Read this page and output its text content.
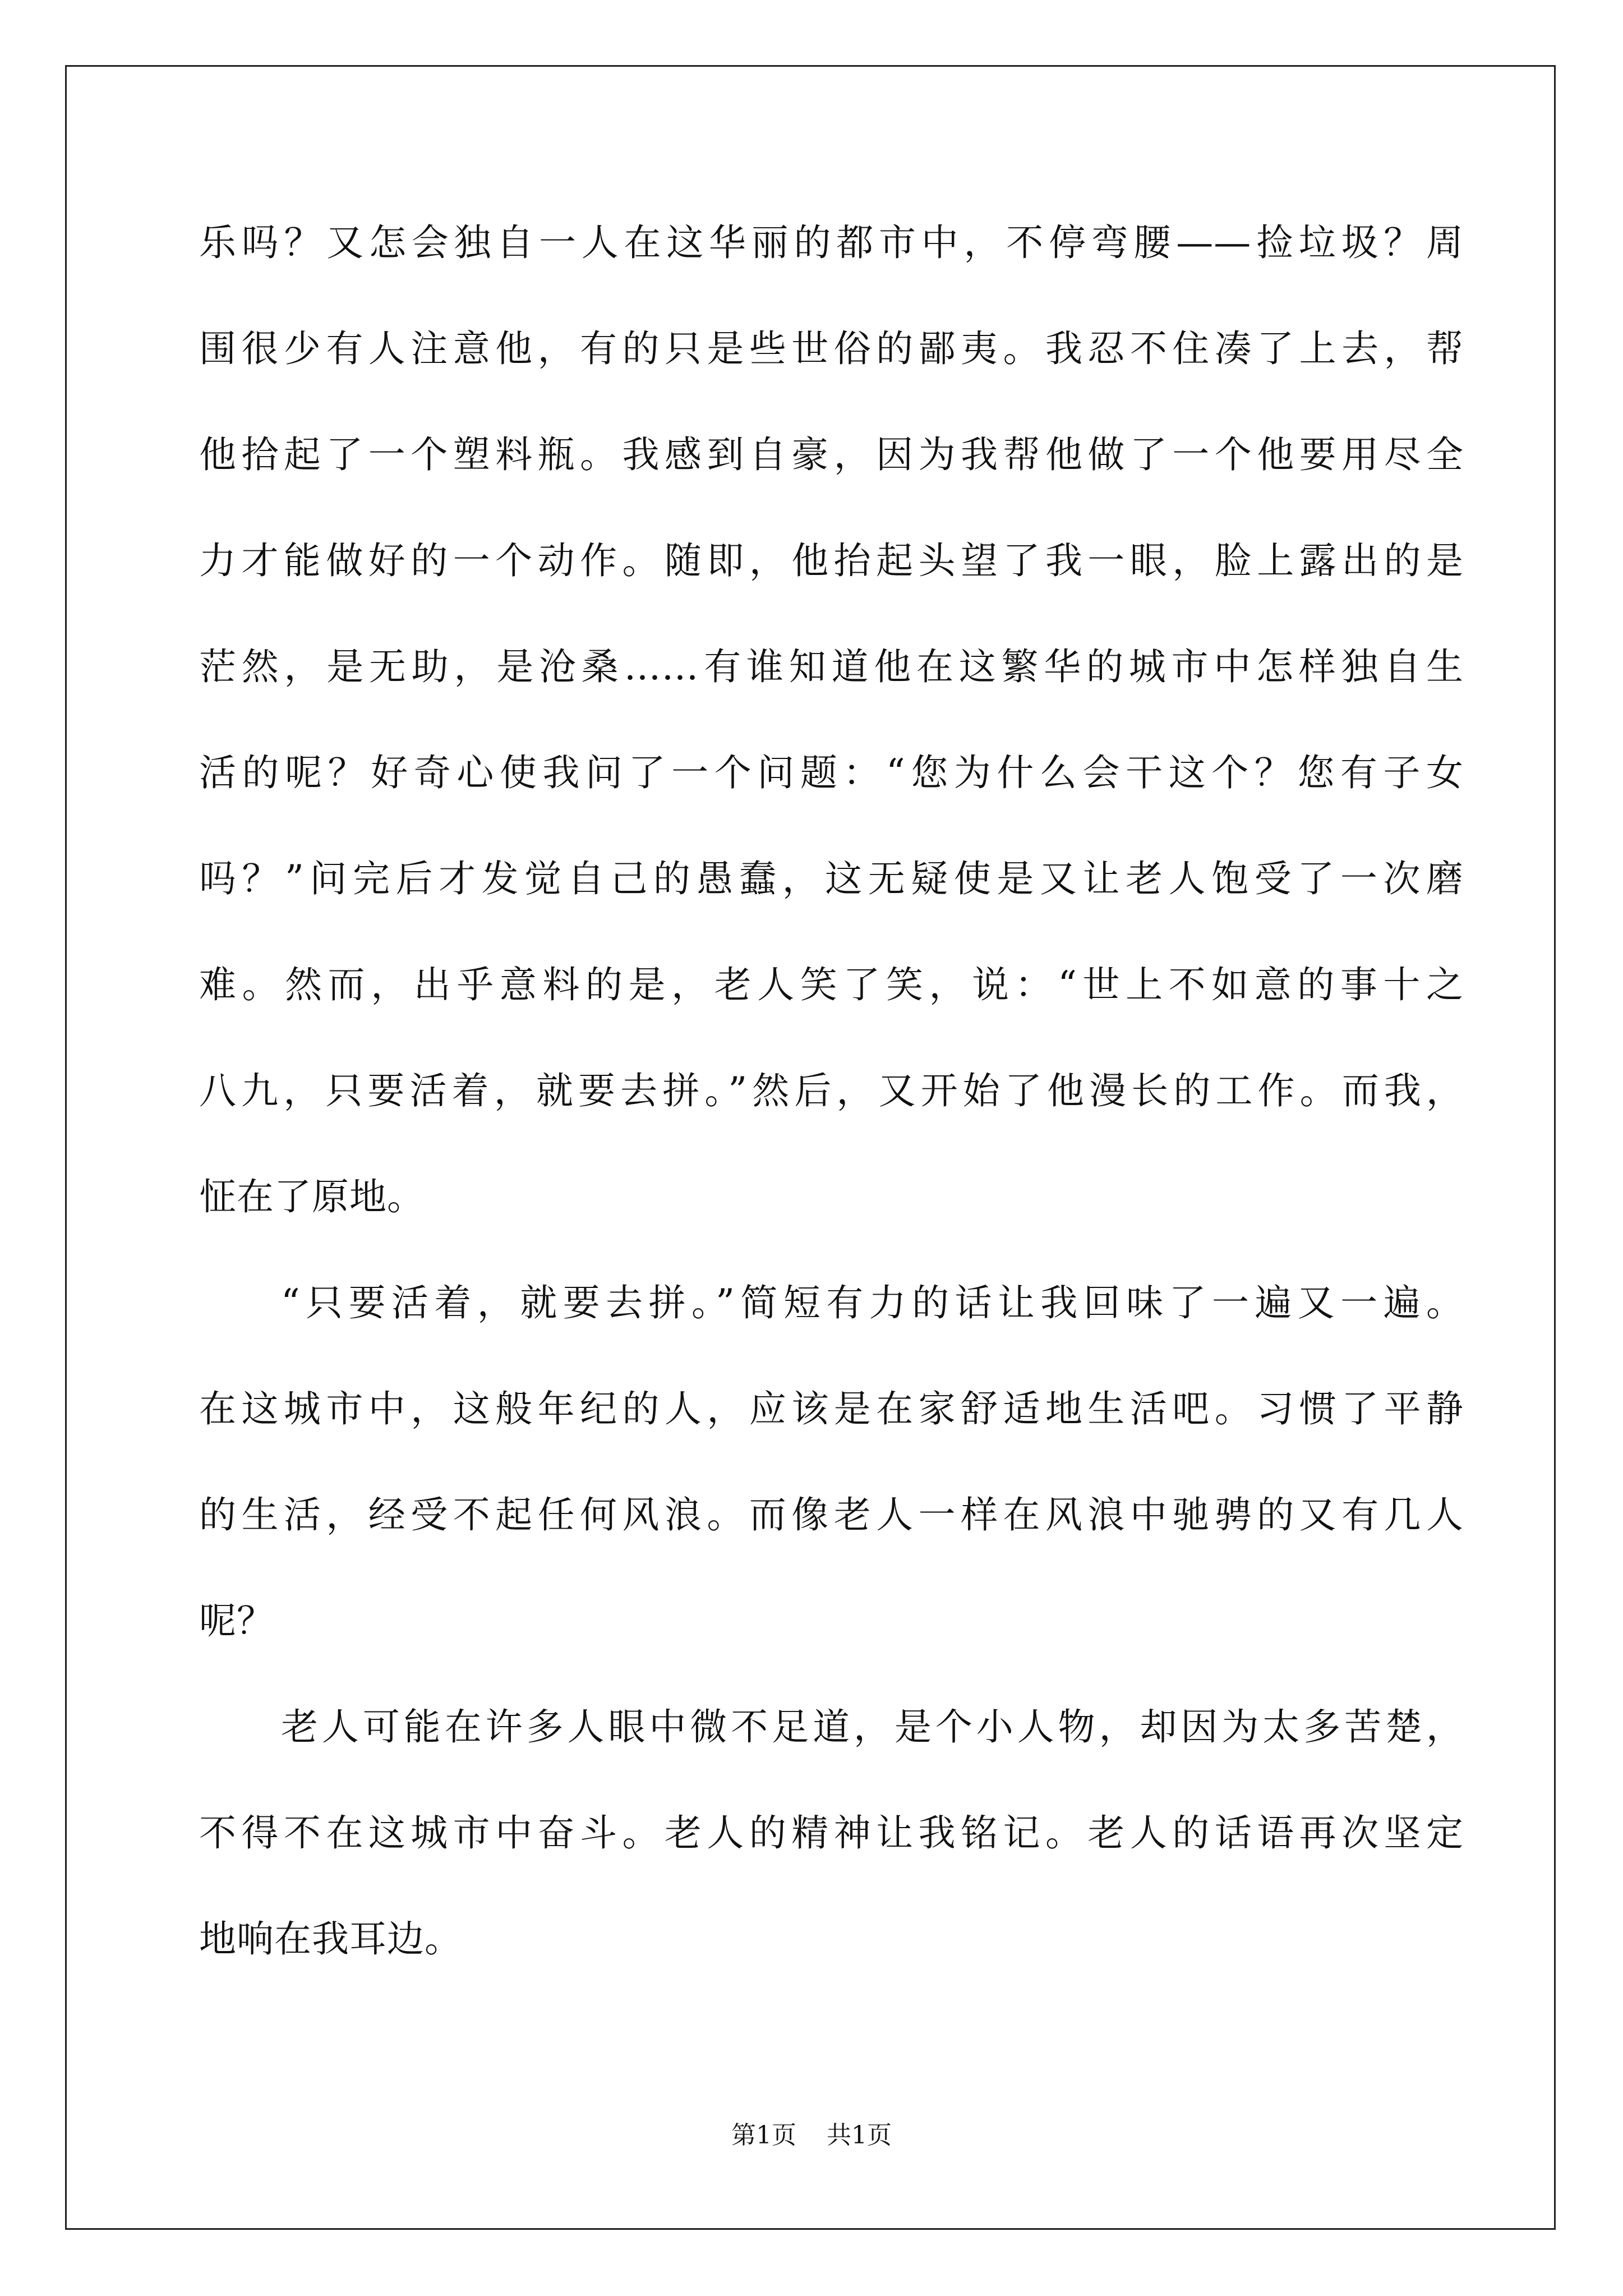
乐吗？又怎会独自一人在这华丽的都市中，不停弯腰——捡垃圾？周
围很少有人注意他，有的只是些世俗的鄙夷。我忍不住凑了上去，帮
他拾起了一个塑料瓶。我感到自豪，因为我帮他做了一个他要用尽全
力才能做好的一个动作。随即，他抬起头望了我一眼，脸上露出的是
茫然，是无助，是沧桑……有谁知道他在这繁华的城市中怎样独自生
活的呢？好奇心使我问了一个问题：“您为什么会干这个？您有子女
吗？”问完后才发觉自己的愚蠢，这无疑使是又让老人饱受了一次磨
难。然而，出乎意料的是，老人笑了笑，说：“世上不如意的事十之
八九，只要活着，就要去拼。”然后，又开始了他漫长的工作。而我，
怔在了原地。
“只要活着，就要去拼。”简短有力的话让我回味了一遍又一遍。
在这城市中，这般年纪的人，应该是在家舒适地生活吧。习惯了平静
的生活，经受不起任何风浪。而像老人一样在风浪中驰骋的又有几人
呢？
老人可能在许多人眼中微不足道，是个小人物，却因为太多苦楚，
不得不在这城市中奋斗。老人的精神让我铭记。老人的话语再次坚定
地响在我耳边。
第1页 共1页
